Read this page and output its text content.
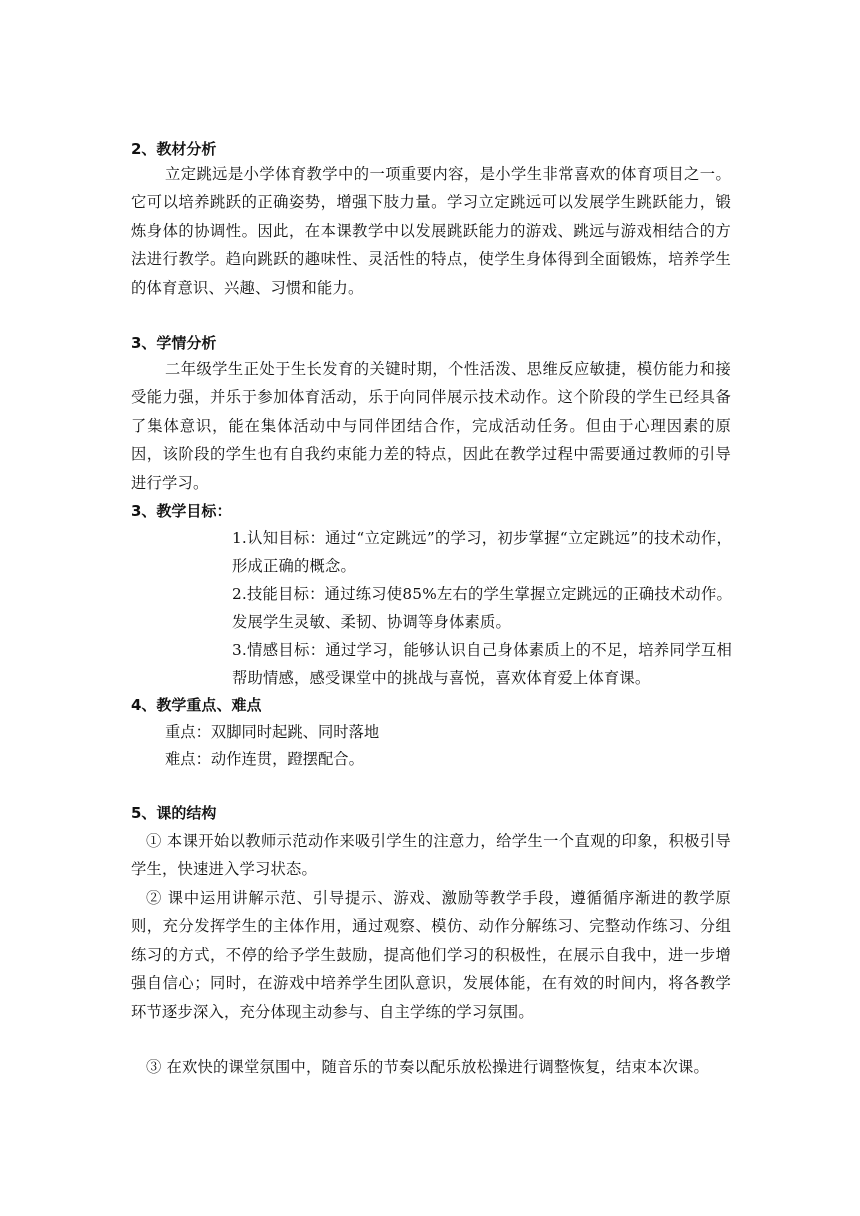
2、教材分析

立定跳远是小学体育教学中的一项重要内容，是小学生非常喜欢的体育项目之一。它可以培养跳跃的正确姿势，增强下肢力量。学习立定跳远可以发展学生跳跃能力，锻炼身体的协调性。因此，在本课教学中以发展跳跃能力的游戏、跳远与游戏相结合的方法进行教学。趋向跳跃的趣味性、灵活性的特点，使学生身体得到全面锻炼，培养学生的体育意识、兴趣、习惯和能力。

3、学情分析

二年级学生正处于生长发育的关键时期，个性活泼、思维反应敏捷，模仿能力和接受能力强，并乐于参加体育活动，乐于向同伴展示技术动作。这个阶段的学生已经具备了集体意识，能在集体活动中与同伴团结合作，完成活动任务。但由于心理因素的原因，该阶段的学生也有自我约束能力差的特点，因此在教学过程中需要通过教师的引导进行学习。

3、教学目标：

1.认知目标：通过“立定跳远”的学习，初步掌握“立定跳远”的技术动作，形成正确的概念。

2.技能目标：通过练习使85%左右的学生掌握立定跳远的正确技术动作。发展学生灵敏、柔韧、协调等身体素质。

3.情感目标：通过学习，能够认识自己身体素质上的不足，培养同学互相帮助情感，感受课堂中的挑战与喜悦，喜欢体育爱上体育课。

4、教学重点、难点
重点：双脚同时起跳、同时落地
难点：动作连贯，蹬摆配合。
5、课的结构

① 本课开始以教师示范动作来吸引学生的注意力，给学生一个直观的印象，积极引导学生，快速进入学习状态。

② 课中运用讲解示范、引导提示、游戏、激励等教学手段，遵循循序渐进的教学原则，充分发挥学生的主体作用，通过观察、模仿、动作分解练习、完整动作练习、分组练习的方式，不停的给予学生鼓励，提高他们学习的积极性，在展示自我中，进一步增强自信心；同时，在游戏中培养学生团队意识，发展体能，在有效的时间内，将各教学环节逐步深入，充分体现主动参与、自主学练的学习氛围。

③ 在欢快的课堂氛围中，随音乐的节奏以配乐放松操进行调整恢复，结束本次课。
